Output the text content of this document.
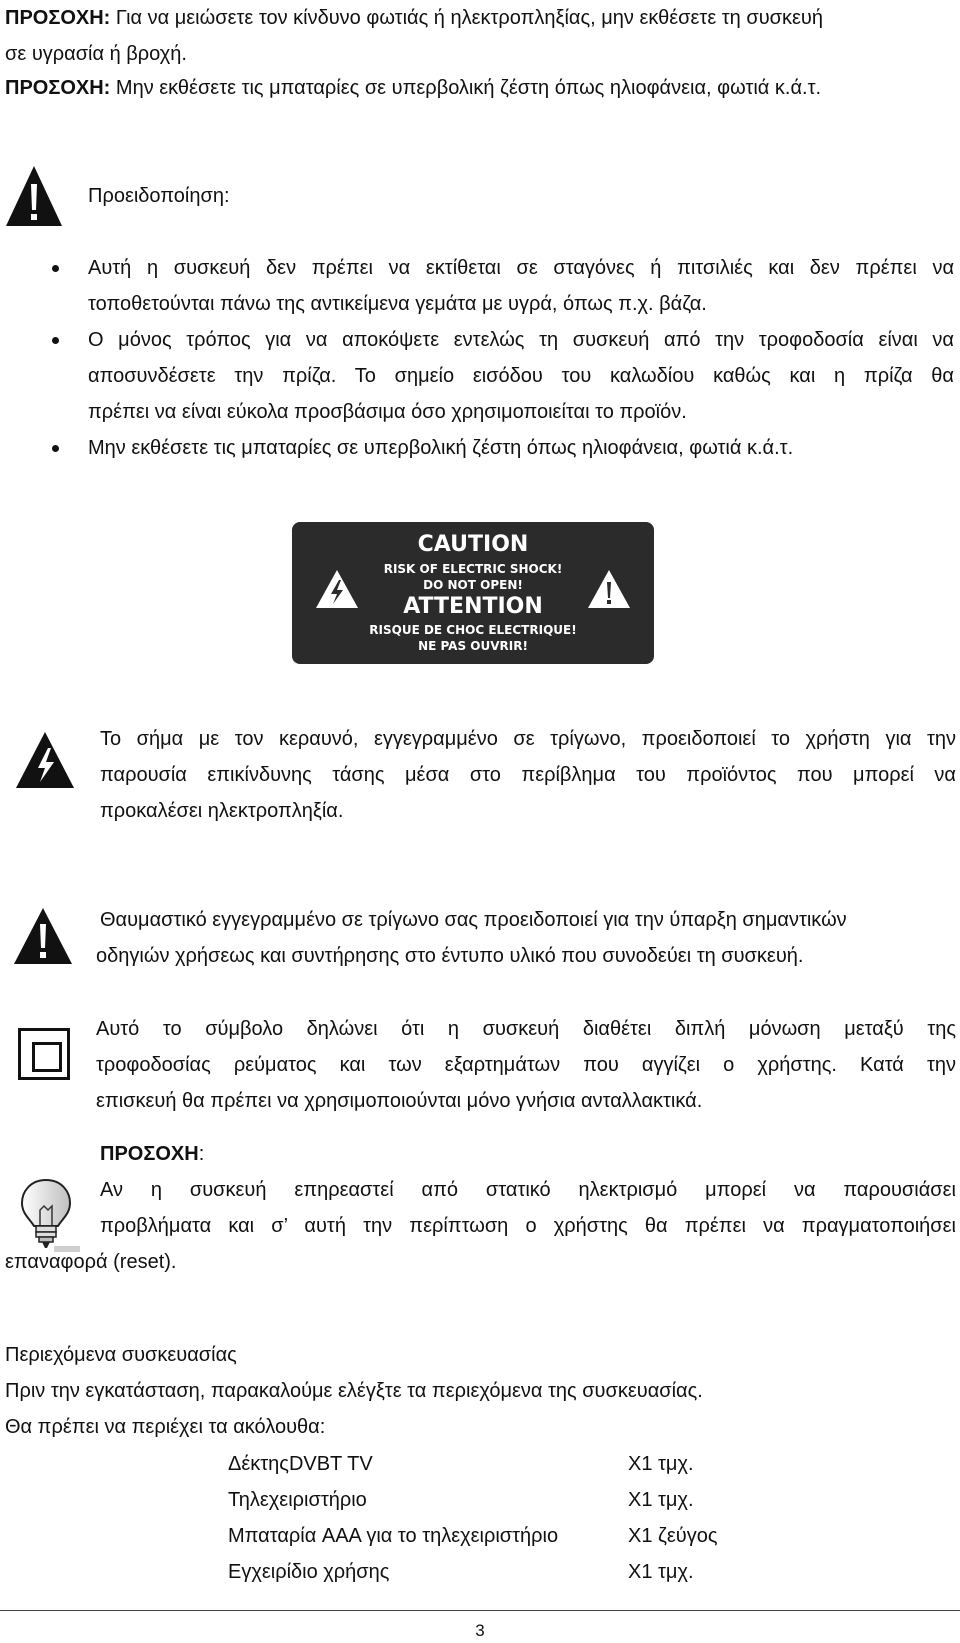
ΠΡΟΣΟΧΗ: Για να μειώσετε τον κίνδυνο φωτιάς ή ηλεκτροπληξίας, μην εκθέσετε τη συσκευή
σε υγρασία ή βροχή.
ΠΡΟΣΟΧΗ: Μην εκθέσετε τις μπαταρίες σε υπερβολική ζέστη όπως ηλιοφάνεια, φωτιά κ.ά.τ.
Προειδοποίηση:
Αυτή η συσκευή δεν πρέπει να εκτίθεται σε σταγόνες ή πιτσιλιές και δεν πρέπει να
τοποθετούνται πάνω της αντικείμενα γεμάτα με υγρά, όπως π.χ. βάζα.
Ο μόνος τρόπος για να αποκόψετε εντελώς τη συσκευή από την τροφοδοσία είναι να
αποσυνδέσετε την πρίζα. Το σημείο εισόδου του καλωδίου καθώς και η πρίζα θα
πρέπει να είναι εύκολα προσβάσιμα όσο χρησιμοποιείται το προϊόν.
Μην εκθέσετε τις μπαταρίες σε υπερβολική ζέστη όπως ηλιοφάνεια, φωτιά κ.ά.τ.
CAUTION
RISK OF ELECTRIC SHOCK!
DO NOT OPEN!
ATTENTION
RISQUE DE CHOC ELECTRIQUE!
NE PAS OUVRIR!
Το σήμα με τον κεραυνό, εγγεγραμμένο σε τρίγωνο, προειδοποιεί το χρήστη για την
παρουσία επικίνδυνης τάσης μέσα στο περίβλημα του προϊόντος που μπορεί να
προκαλέσει ηλεκτροπληξία.
Θαυμαστικό εγγεγραμμένο σε τρίγωνο σας προειδοποιεί για την ύπαρξη σημαντικών
οδηγιών χρήσεως και συντήρησης στο έντυπο υλικό που συνοδεύει τη συσκευή.
Αυτό το σύμβολο δηλώνει ότι η συσκευή διαθέτει διπλή μόνωση μεταξύ της
τροφοδοσίας ρεύματος και των εξαρτημάτων που αγγίζει ο χρήστης. Κατά την
επισκευή θα πρέπει να χρησιμοποιούνται μόνο γνήσια ανταλλακτικά.
ΠΡΟΣΟΧΗ:
Αν η συσκευή επηρεαστεί από στατικό ηλεκτρισμό μπορεί να παρουσιάσει
προβλήματα και σ’ αυτή την περίπτωση ο χρήστης θα πρέπει να πραγματοποιήσει
επαναφορά (reset).
Περιεχόμενα συσκευασίας
Πριν την εγκατάσταση, παρακαλούμε ελέγξτε τα περιεχόμενα της συσκευασίας.
Θα πρέπει να περιέχει τα ακόλουθα:
ΔέκτηςDVBT TV	Χ1 τμχ.
Τηλεχειριστήριο	Χ1 τμχ.
Μπαταρία AAA για το τηλεχειριστήριο	Χ1 ζεύγος
Εγχειρίδιο χρήσης	Χ1 τμχ.
3
